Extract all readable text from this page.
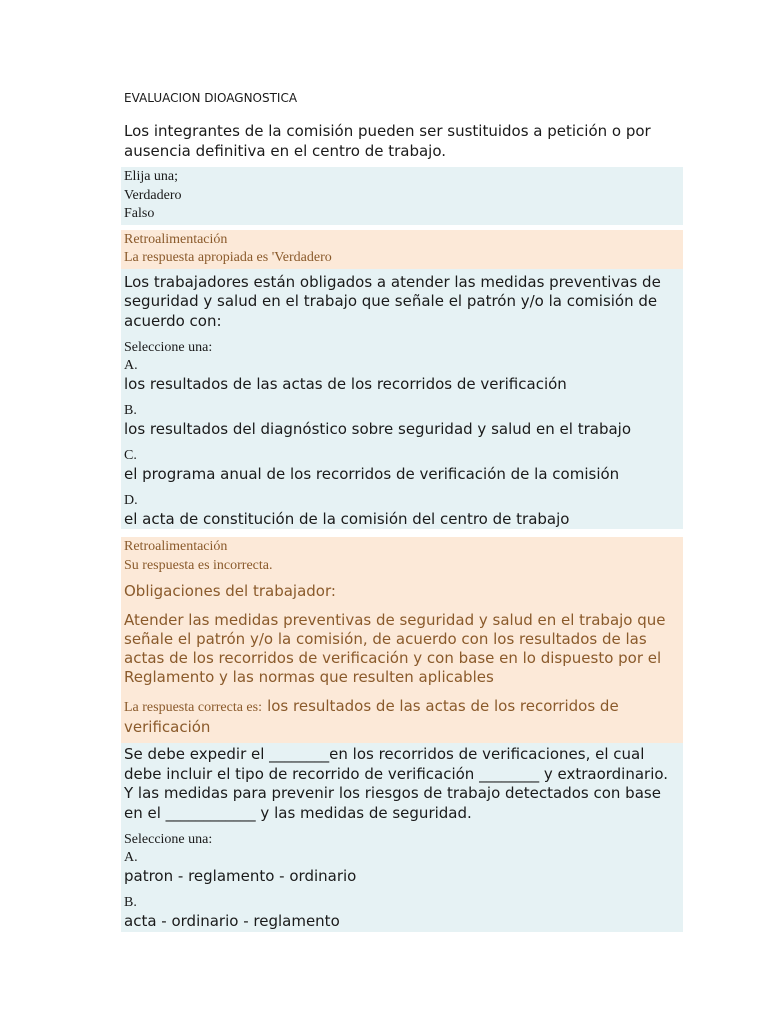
EVALUACION DIOAGNOSTICA

Los integrantes de la comisión pueden ser sustituidos a petición o por ausencia definitiva en el centro de trabajo.

Elija una;
Verdadero
Falso
Retroalimentación
La respuesta apropiada es 'Verdadero

Los trabajadores están obligados a atender las medidas preventivas de seguridad y salud en el trabajo que señale el patrón y/o la comisión de acuerdo con:

Seleccione una:
A.
los resultados de las actas de los recorridos de verificación
B.
los resultados del diagnóstico sobre seguridad y salud en el trabajo
C.
el programa anual de los recorridos de verificación de la comisión
D.
el acta de constitución de la comisión del centro de trabajo
Retroalimentación
Su respuesta es incorrecta.
Obligaciones del trabajador:
Atender las medidas preventivas de seguridad y salud en el trabajo que señale el patrón y/o la comisión, de acuerdo con los resultados de las actas de los recorridos de verificación y con base en lo dispuesto por el Reglamento y las normas que resulten aplicables
La respuesta correcta es: los resultados de las actas de los recorridos de verificación

Se debe expedir el ________en los recorridos de verificaciones, el cual debe incluir el tipo de recorrido de verificación ________ y extraordinario. Y las medidas para prevenir los riesgos de trabajo detectados con base en el ____________ y las medidas de seguridad.

Seleccione una:
A.
patron - reglamento - ordinario
B.
acta - ordinario - reglamento
